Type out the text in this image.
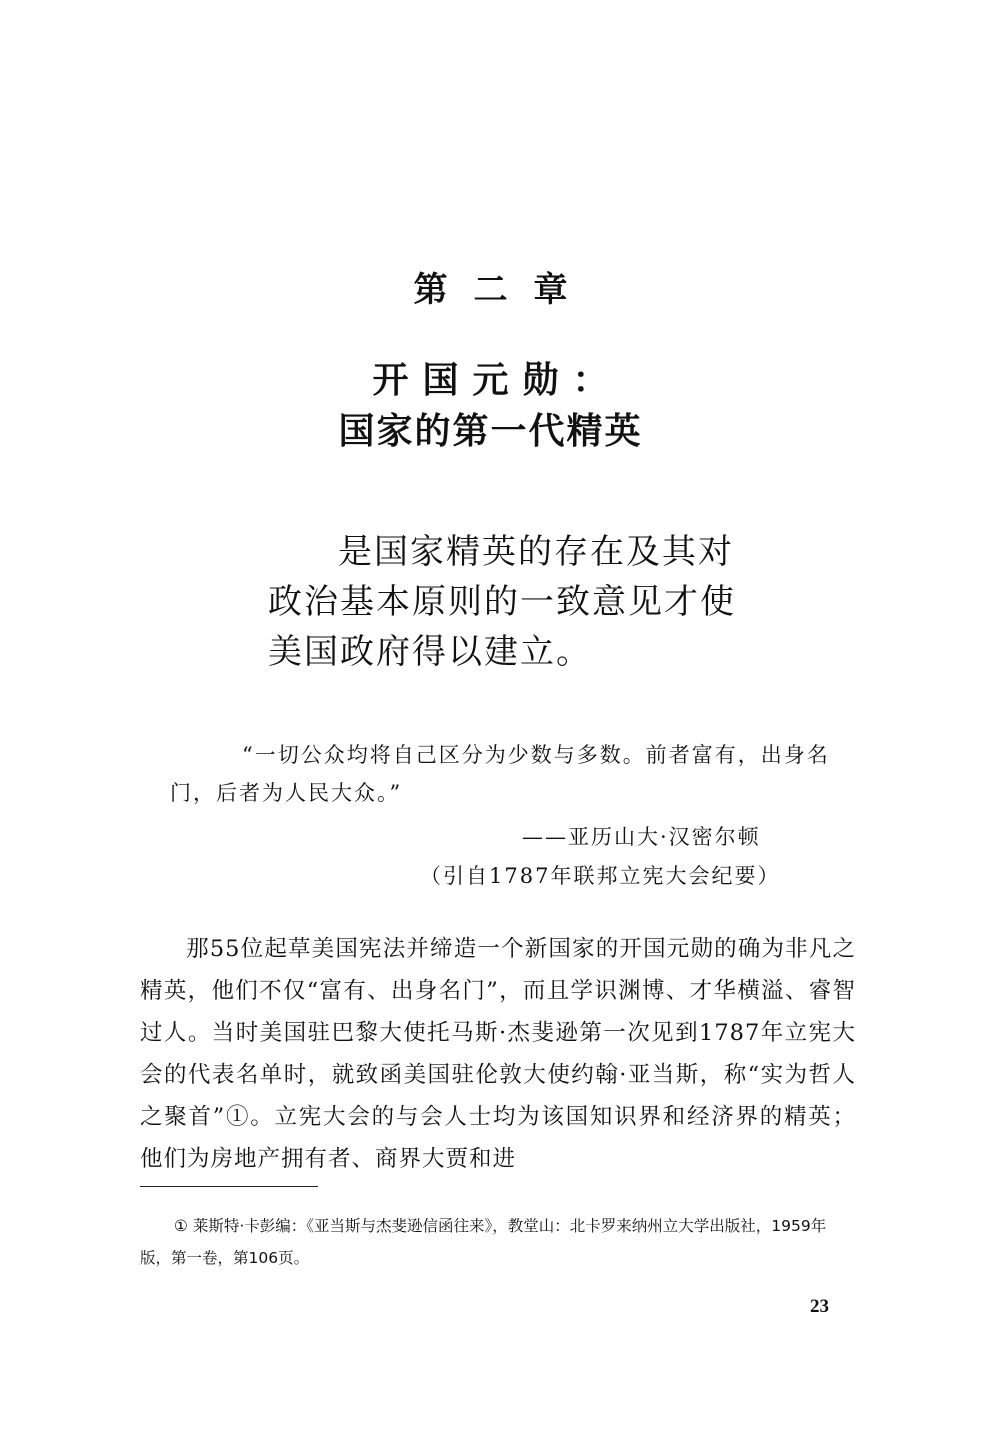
第二章
开国元勋：
国家的第一代精英
是国家精英的存在及其对
政治基本原则的一致意见才使
美国政府得以建立。

“一切公众均将自己区分为少数与多数。前者富有，出身名门，后者为人民大众。”

——亚历山大·汉密尔顿
（引自1787年联邦立宪大会纪要）

那55位起草美国宪法并缔造一个新国家的开国元勋的确为非凡之精英，他们不仅“富有、出身名门”，而且学识渊博、才华横溢、睿智过人。当时美国驻巴黎大使托马斯·杰斐逊第一次见到1787年立宪大会的代表名单时，就致函美国驻伦敦大使约翰·亚当斯，称“实为哲人之聚首”①。立宪大会的与会人士均为该国知识界和经济界的精英；他们为房地产拥有者、商界大贾和进

① 莱斯特·卡彭编：《亚当斯与杰斐逊信函往来》，教堂山：北卡罗来纳州立大学出版社，1959年版，第一卷，第106页。

23
